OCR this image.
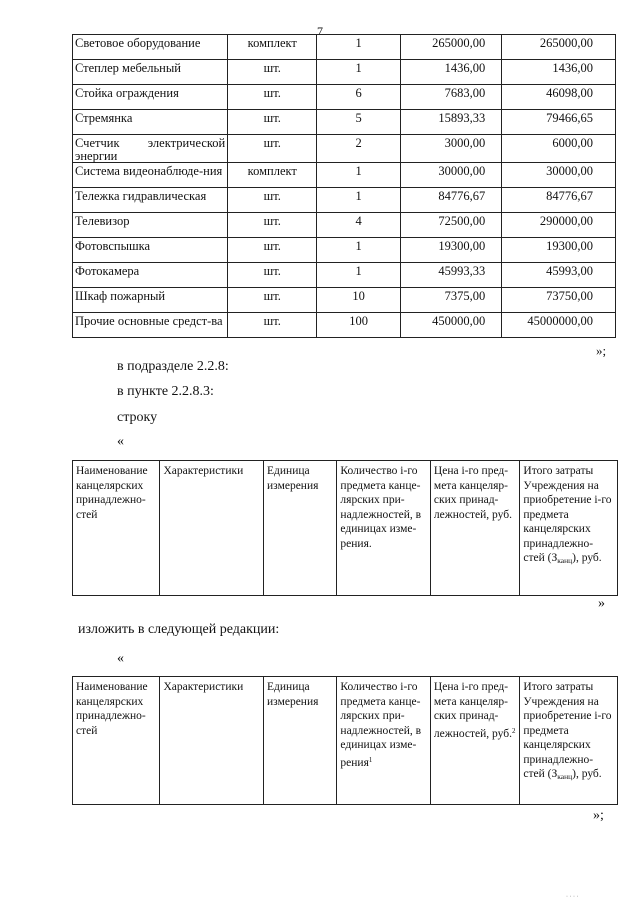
7
Световое оборудование	комплект	1	265000,00	265000,00
Степлер мебельный	шт.	1	1436,00	1436,00
Стойка ограждения	шт.	6	7683,00	46098,00
Стремянка	шт.	5	15893,33	79466,65
Счетчик электрической энергии	шт.	2	3000,00	6000,00
Система видеонаблюде-ния	комплект	1	30000,00	30000,00
Тележка гидравлическая	шт.	1	84776,67	84776,67
Телевизор	шт.	4	72500,00	290000,00
Фотовспышка	шт.	1	19300,00	19300,00
Фотокамера	шт.	1	45993,33	45993,00
Шкаф пожарный	шт.	10	7375,00	73750,00
Прочие основные средст-ва	шт.	100	450000,00	45000000,00
»;
в подразделе 2.2.8:
в пункте 2.2.8.3:
строку
«
Наименование канцелярских принадлежно-стей	Характеристики	Единица измерения	Количество i-го предмета канце-лярских при-надлежностей, в единицах изме-рения.	Цена i-го пред-мета канцеляр-ских принад-лежностей, руб.	Итого затраты Учреждения на приобретение i-го предмета канцелярских принадлежно-стей $(З_{канц})$, руб.
»
изложить в следующей редакции:
«
Наименование канцелярских принадлежно-стей	Характеристики	Единица измерения	Количество i-го предмета канце-лярских при-надлежностей, в единицах изме-рения$^1$	Цена i-го пред-мета канцеляр-ских принад-лежностей, руб.$^2$	Итого затраты Учреждения на приобретение i-го предмета канцелярских принадлежно-стей $(З_{канц})$, руб.
»;
· · · ·
